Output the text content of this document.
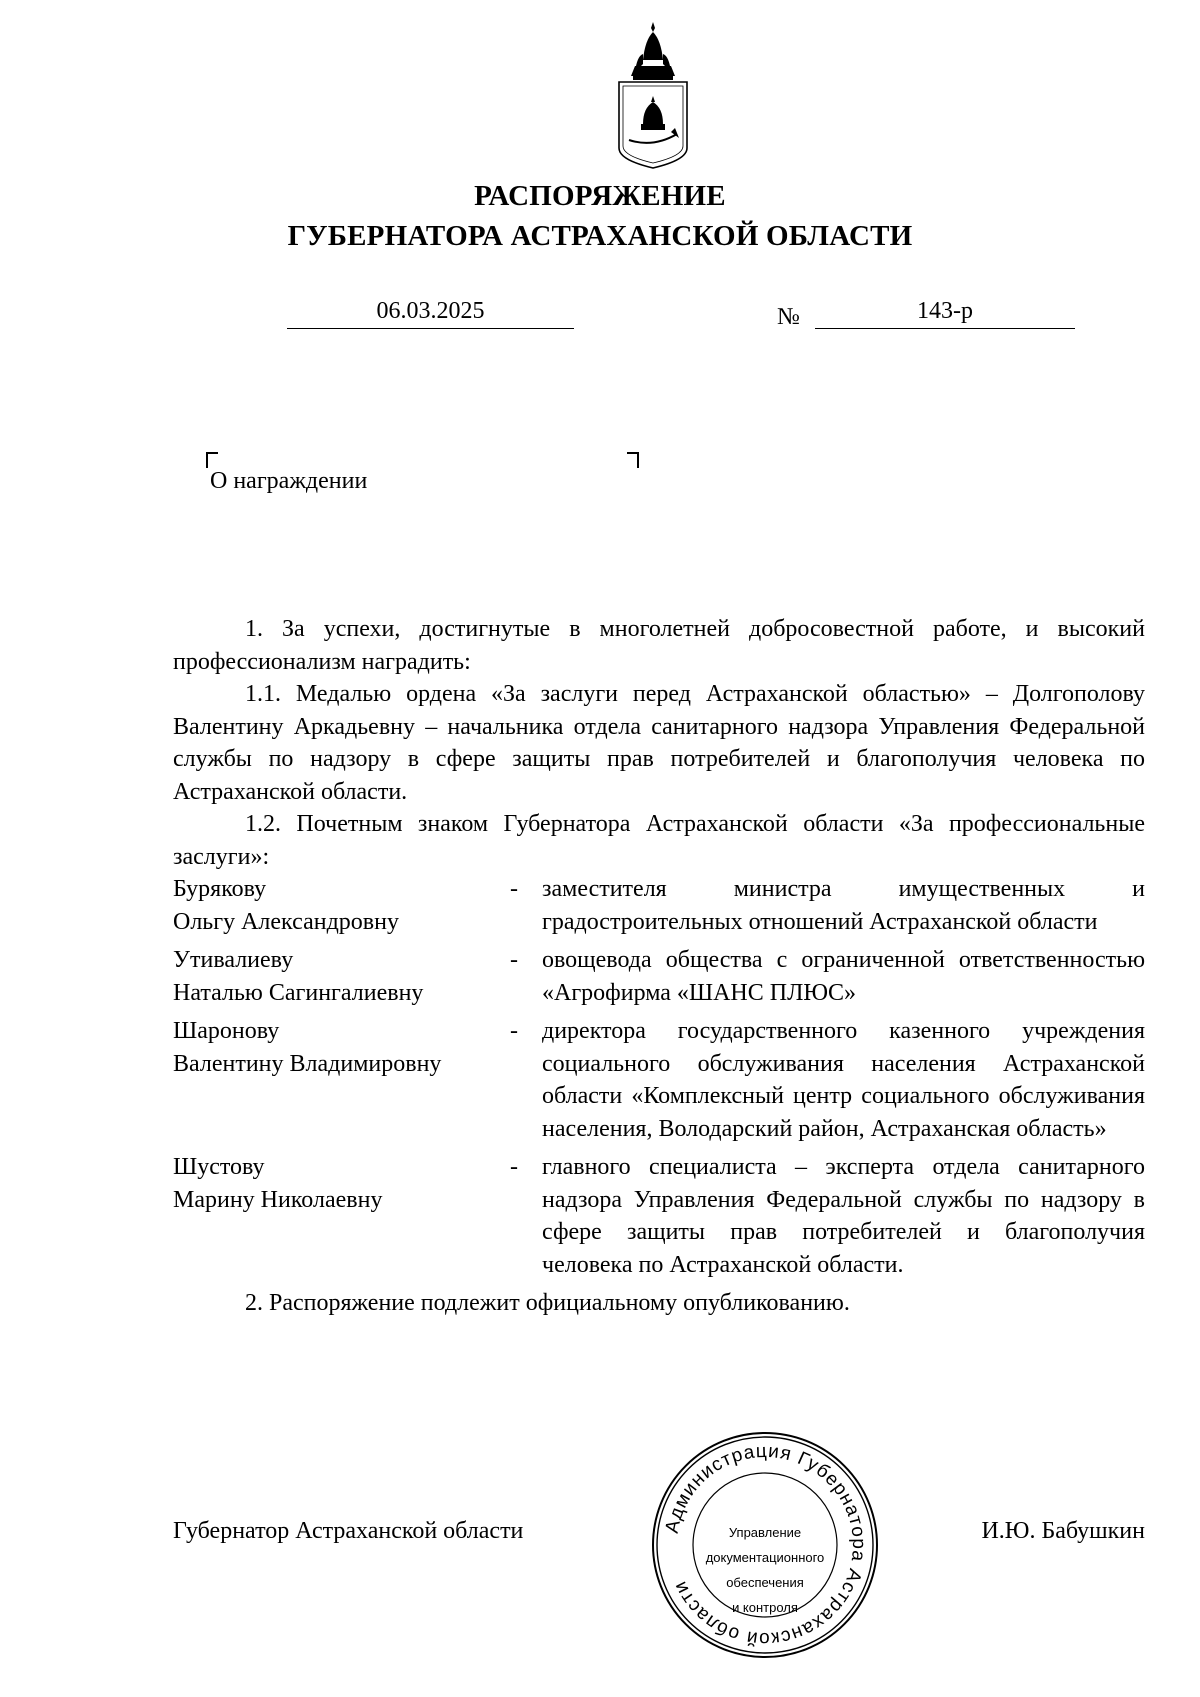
РАСПОРЯЖЕНИЕ
ГУБЕРНАТОРА АСТРАХАНСКОЙ ОБЛАСТИ
06.03.2025	№	143-р
О награждении

1. За успехи, достигнутые в многолетней добросовестной работе, и высокий профессионализм наградить:

1.1. Медалью ордена «За заслуги перед Астраханской областью» – Долгополову Валентину Аркадьевну – начальника отдела санитарного надзора Управления Федеральной службы по надзору в сфере защиты прав потребителей и благополучия человека по Астраханской области.

1.2. Почетным знаком Губернатора Астраханской области «За профессиональные заслуги»:

Бурякову
Ольгу Александровну
-	заместителя министра имущественных и градостроительных отношений Астраханской области
Утивалиеву
Наталью Сагингалиевну
-	овощевода общества с ограниченной ответственностью «Агрофирма «ШАНС ПЛЮС»
Шаронову
Валентину Владимировну
-	директора государственного казенного учреждения социального обслуживания населения Астраханской области «Комплексный центр социального обслуживания населения, Володарский район, Астраханская область»
Шустову
Марину Николаевну
-	главного специалиста – эксперта отдела санитарного надзора Управления Федеральной службы по надзору в сфере защиты прав потребителей и благополучия человека по Астраханской области.

2. Распоряжение подлежит официальному опубликованию.

Губернатор Астраханской области	И.Ю. Бабушкин
Администрация Губернатора Астраханской области
Управление
документационного
обеспечения
и контроля
